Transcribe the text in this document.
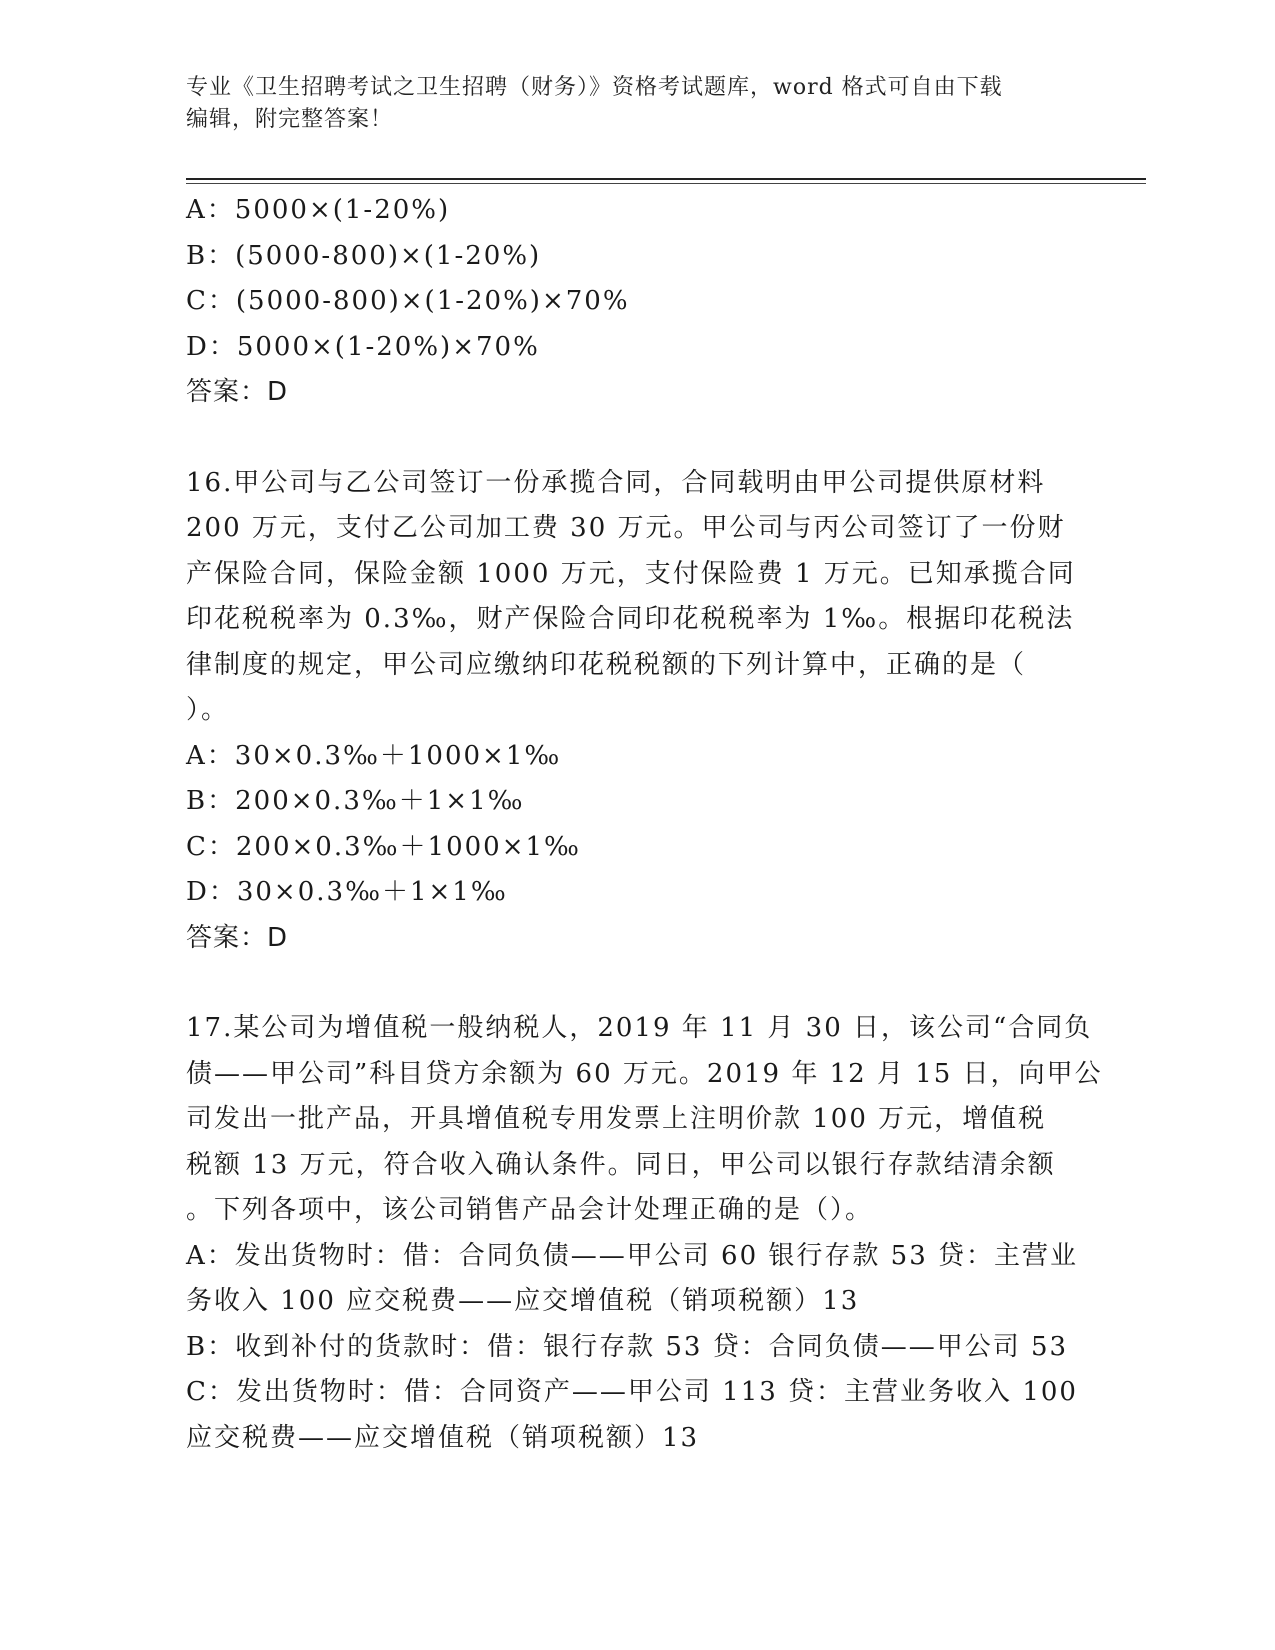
专业《卫生招聘考试之卫生招聘（财务）》资格考试题库，word 格式可自由下载
编辑，附完整答案！
A：5000×(1-20%)
B：(5000-800)×(1-20%)
C：(5000-800)×(1-20%)×70%
D：5000×(1-20%)×70%
答案：D
16.甲公司与乙公司签订一份承揽合同，合同载明由甲公司提供原材料
200 万元，支付乙公司加工费 30 万元。甲公司与丙公司签订了一份财
产保险合同，保险金额 1000 万元，支付保险费 1 万元。已知承揽合同
印花税税率为 0.3‰，财产保险合同印花税税率为 1‰。根据印花税法
律制度的规定，甲公司应缴纳印花税税额的下列计算中，正确的是（
）。
A：30×0.3‰＋1000×1‰
B：200×0.3‰＋1×1‰
C：200×0.3‰＋1000×1‰
D：30×0.3‰＋1×1‰
答案：D
17.某公司为增值税一般纳税人，2019 年 11 月 30 日，该公司“合同负
债——甲公司”科目贷方余额为 60 万元。2019 年 12 月 15 日，向甲公
司发出一批产品，开具增值税专用发票上注明价款 100 万元，增值税
税额 13 万元，符合收入确认条件。同日，甲公司以银行存款结清余额
。下列各项中，该公司销售产品会计处理正确的是（）。
A：发出货物时：借：合同负债——甲公司 60 银行存款 53 贷：主营业
务收入 100 应交税费——应交增值税（销项税额）13
B：收到补付的货款时：借：银行存款 53 贷：合同负债——甲公司 53
C：发出货物时：借：合同资产——甲公司 113 贷：主营业务收入 100
应交税费——应交增值税（销项税额）13
